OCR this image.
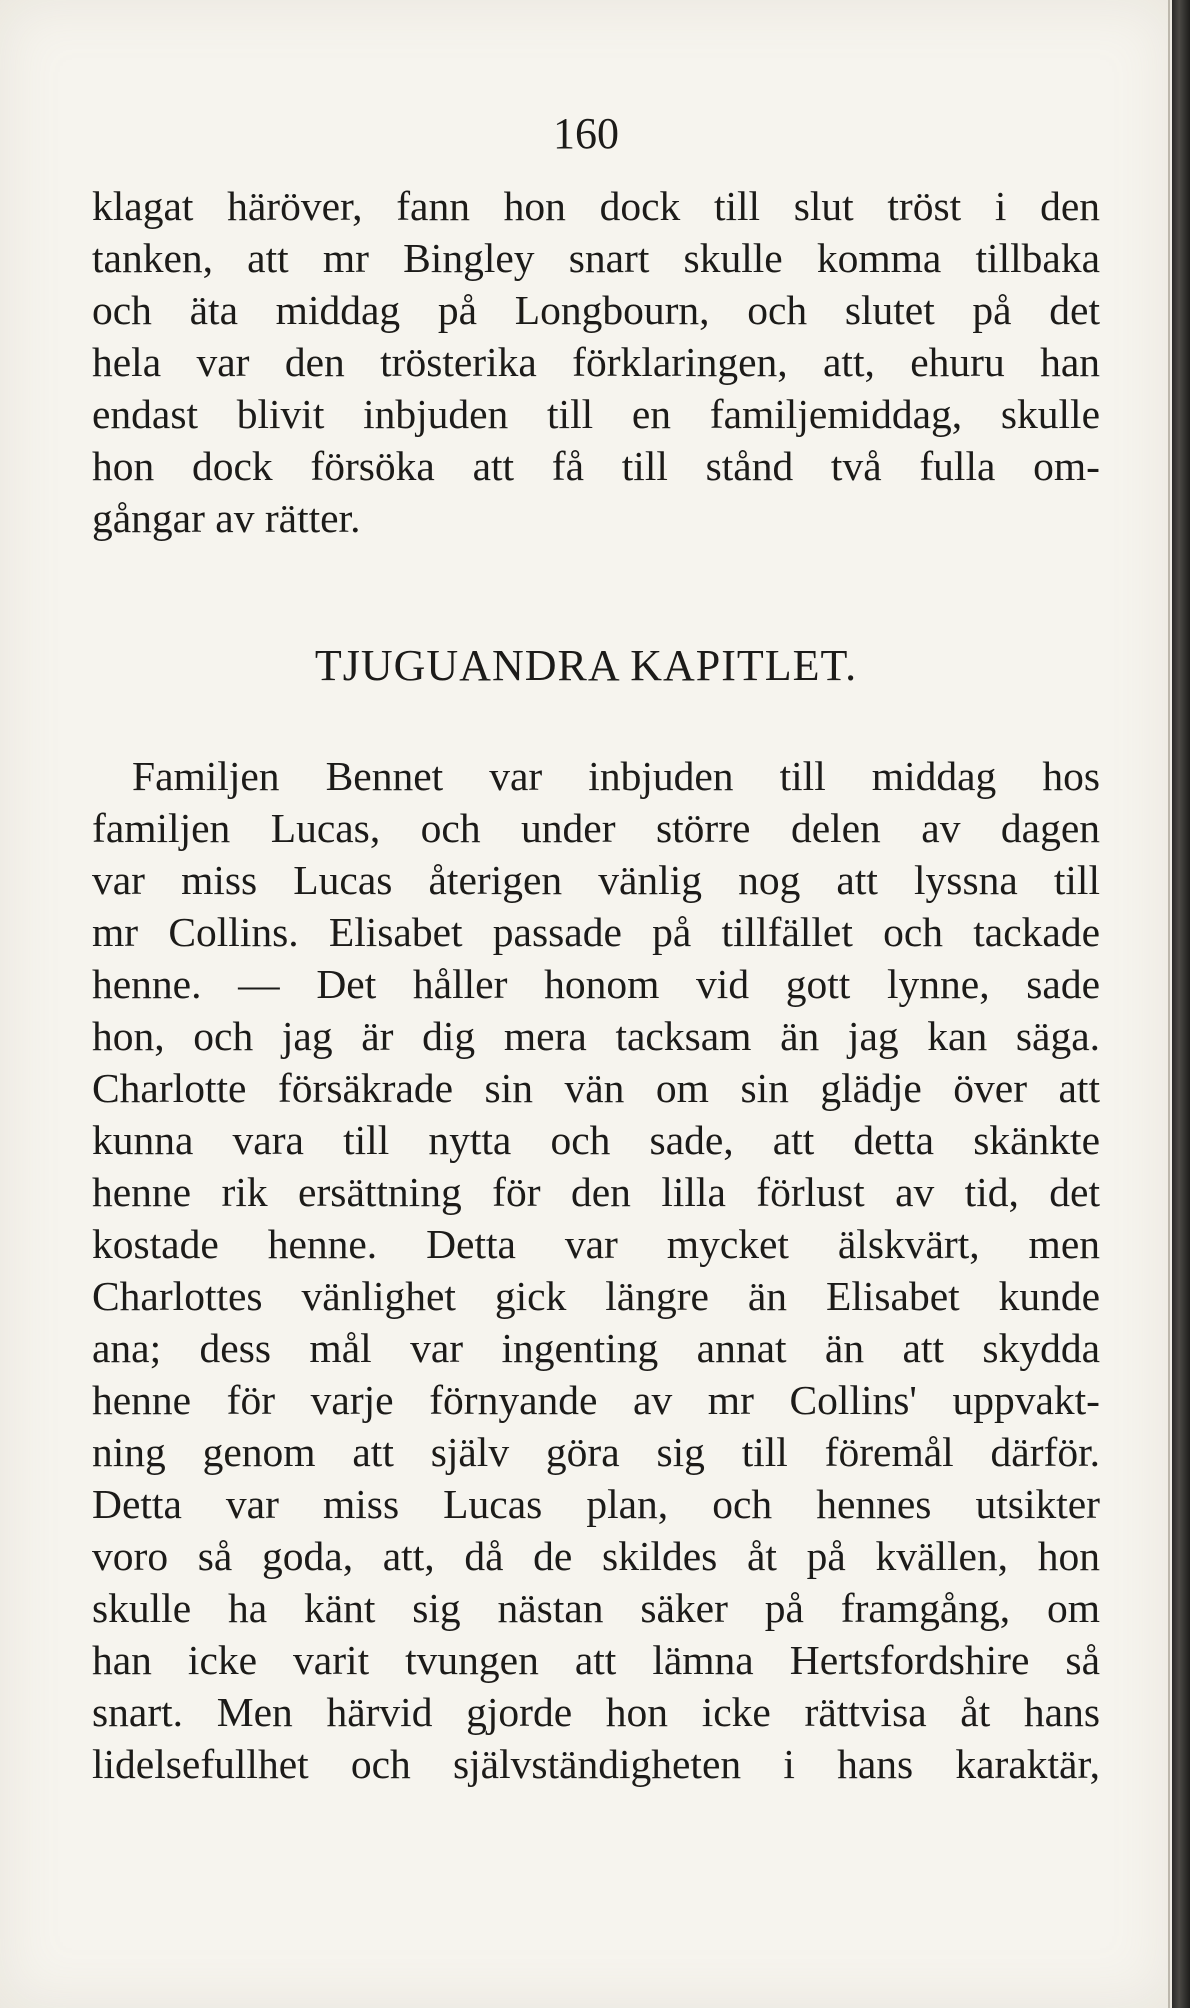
160
klagat häröver, fann hon dock till slut tröst i den
tanken, att mr Bingley snart skulle komma tillbaka
och äta middag på Longbourn, och slutet på det
hela var den trösterika förklaringen, att, ehuru han
endast blivit inbjuden till en familjemiddag, skulle
hon dock försöka att få till stånd två fulla om-
gångar av rätter.
TJUGUANDRA KAPITLET.
Familjen Bennet var inbjuden till middag hos
familjen Lucas, och under större delen av dagen
var miss Lucas återigen vänlig nog att lyssna till
mr Collins. Elisabet passade på tillfället och tackade
henne. — Det håller honom vid gott lynne, sade
hon, och jag är dig mera tacksam än jag kan säga.
Charlotte försäkrade sin vän om sin glädje över att
kunna vara till nytta och sade, att detta skänkte
henne rik ersättning för den lilla förlust av tid, det
kostade henne. Detta var mycket älskvärt, men
Charlottes vänlighet gick längre än Elisabet kunde
ana; dess mål var ingenting annat än att skydda
henne för varje förnyande av mr Collins' uppvakt-
ning genom att själv göra sig till föremål därför.
Detta var miss Lucas plan, och hennes utsikter
voro så goda, att, då de skildes åt på kvällen, hon
skulle ha känt sig nästan säker på framgång, om
han icke varit tvungen att lämna Hertsfordshire så
snart. Men härvid gjorde hon icke rättvisa åt hans
lidelsefullhet och självständigheten i hans karaktär,
